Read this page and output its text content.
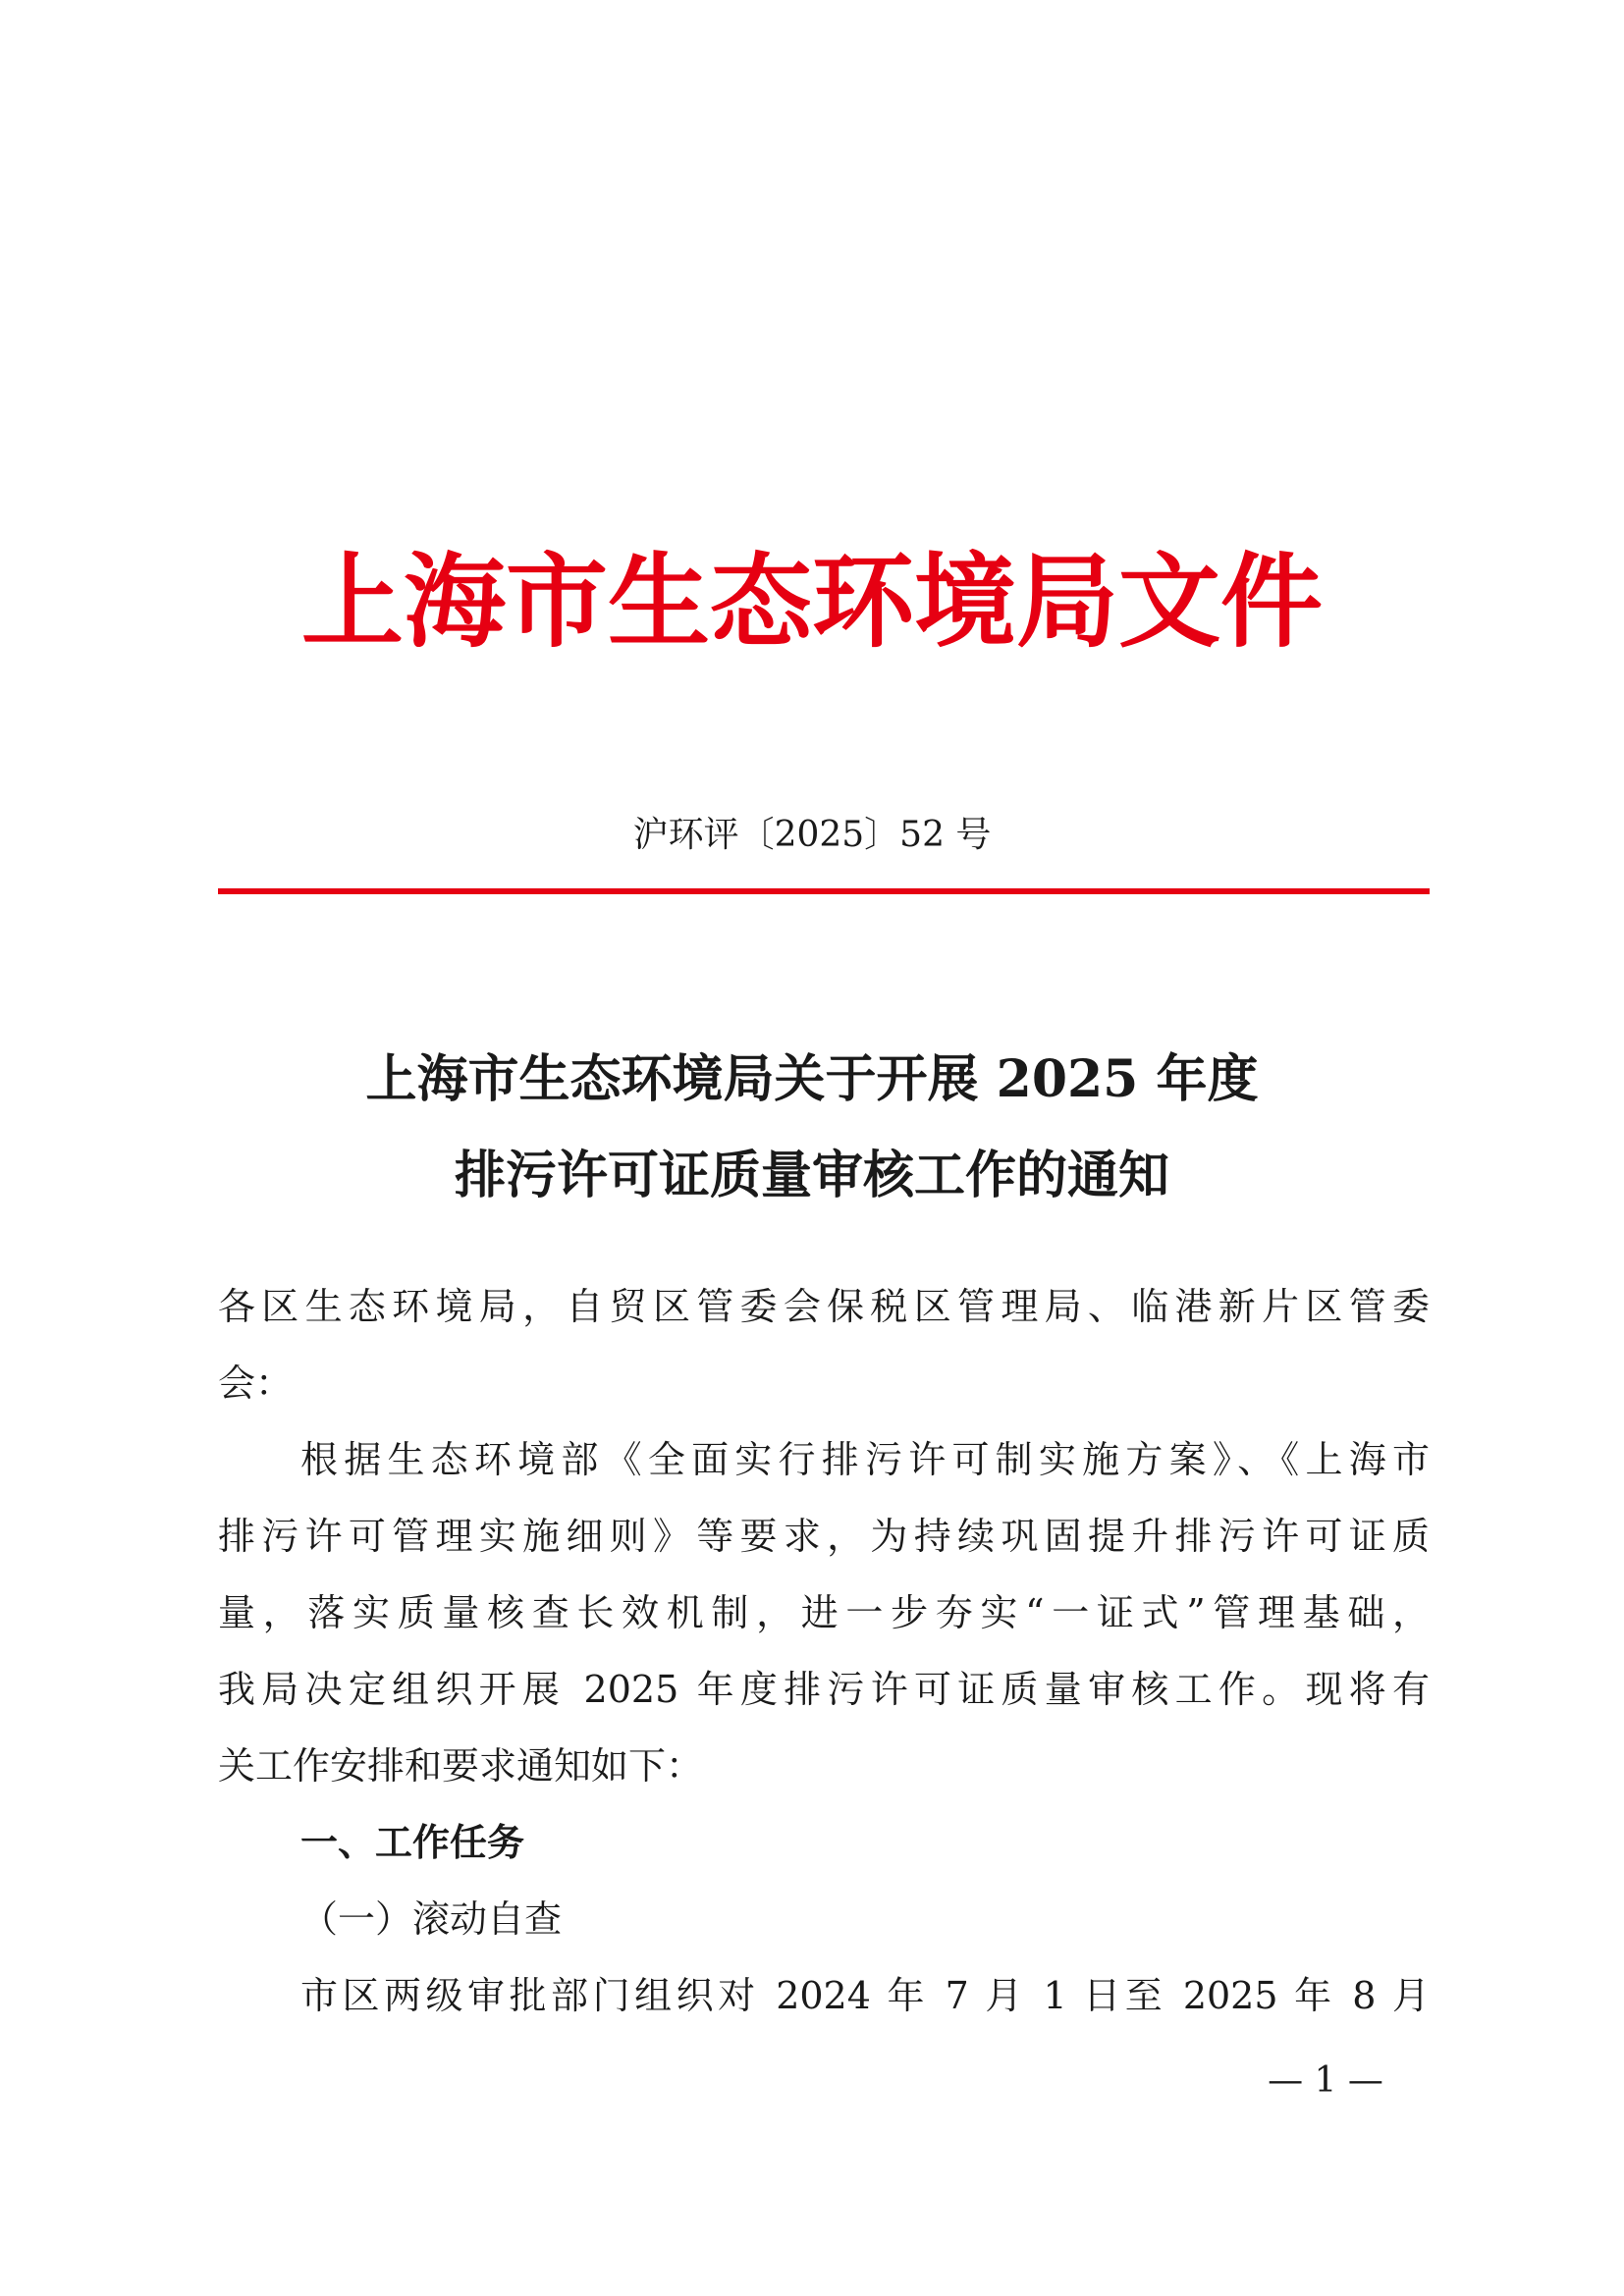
上海市生态环境局文件
沪环评〔2025〕52 号
上海市生态环境局关于开展 2025 年度
排污许可证质量审核工作的通知
各区生态环境局，自贸区管委会保税区管理局、临港新片区管委
会：
根据生态环境部《全面实行排污许可制实施方案》、《上海市
排污许可管理实施细则》等要求，为持续巩固提升排污许可证质
量，落实质量核查长效机制，进一步夯实“一证式”管理基础，
我局决定组织开展 2025 年度排污许可证质量审核工作。现将有
关工作安排和要求通知如下：
一、工作任务
（一）滚动自查
市区两级审批部门组织对 2024 年 7 月 1 日至 2025 年 8 月
— 1 —
